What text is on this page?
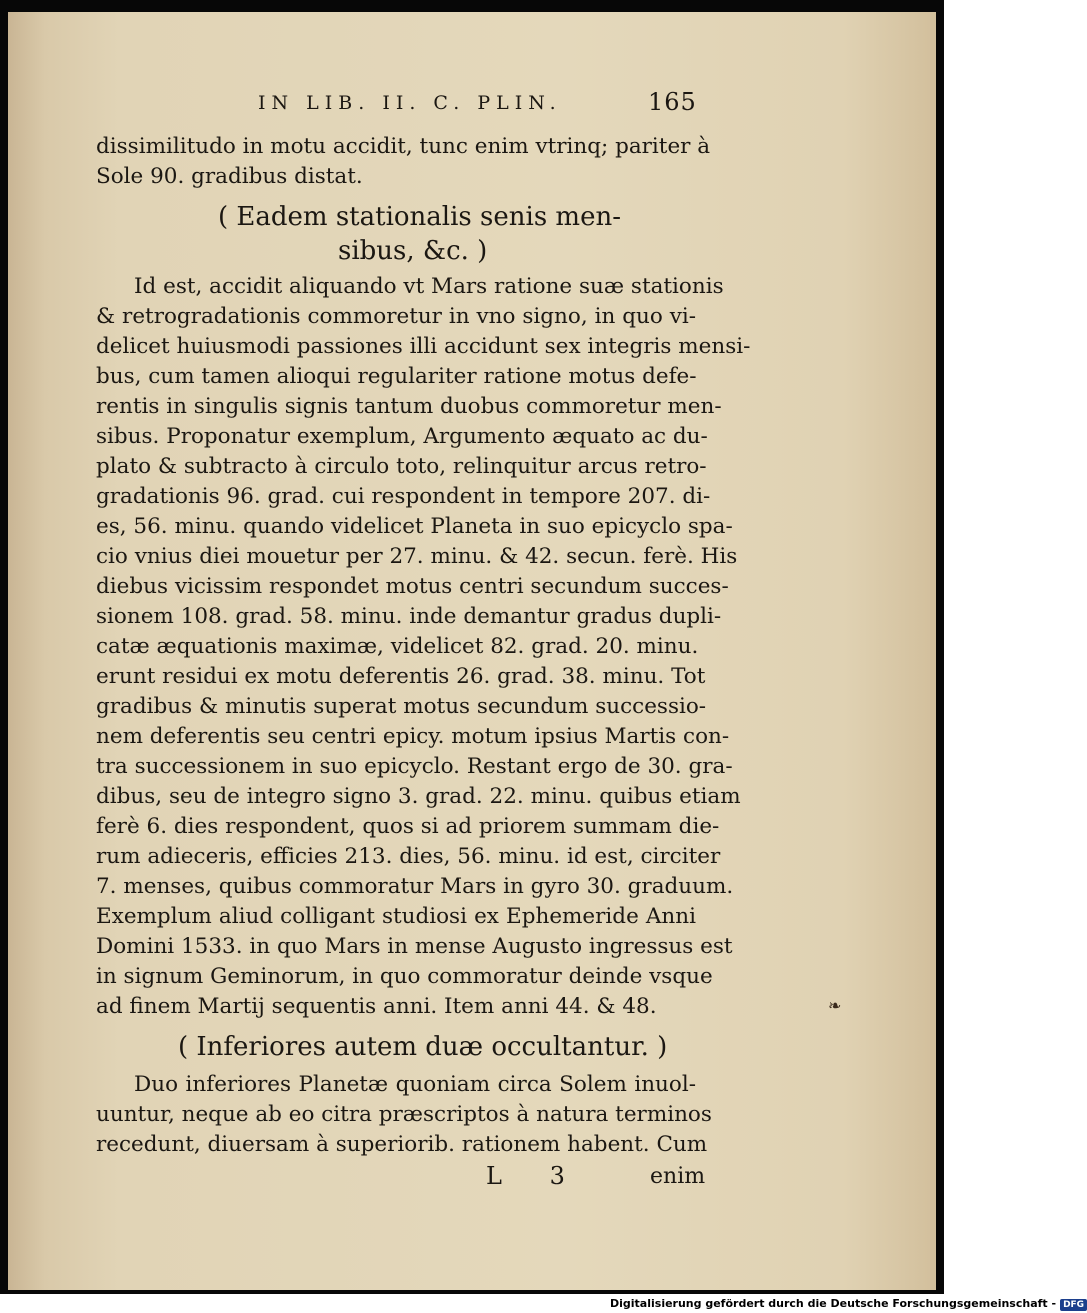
IN LIB. II. C. PLIN.	165
dissimilitudo in motu accidit, tunc enim vtrinq; pariter à
Sole 90. gradibus distat.
( Eadem stationalis senis men-
sibus, &c. )
Id est, accidit aliquando vt Mars ratione suæ stationis
& retrogradationis commoretur in vno signo, in quo vi-
delicet huiusmodi passiones illi accidunt sex integris mensi-
bus, cum tamen alioqui regulariter ratione motus defe-
rentis in singulis signis tantum duobus commoretur men-
sibus. Proponatur exemplum, Argumento æquato ac du-
plato & subtracto à circulo toto, relinquitur arcus retro-
gradationis 96. grad. cui respondent in tempore 207. di-
es, 56. minu. quando videlicet Planeta in suo epicyclo spa-
cio vnius diei mouetur per 27. minu. & 42. secun. ferè. His
diebus vicissim respondet motus centri secundum succes-
sionem 108. grad. 58. minu. inde demantur gradus dupli-
catæ æquationis maximæ, videlicet 82. grad. 20. minu.
erunt residui ex motu deferentis 26. grad. 38. minu. Tot
gradibus & minutis superat motus secundum successio-
nem deferentis seu centri epicy. motum ipsius Martis con-
tra successionem in suo epicyclo. Restant ergo de 30. gra-
dibus, seu de integro signo 3. grad. 22. minu. quibus etiam
ferè 6. dies respondent, quos si ad priorem summam die-
rum adieceris, efficies 213. dies, 56. minu. id est, circiter
7. menses, quibus commoratur Mars in gyro 30. graduum.
Exemplum aliud colligant studiosi ex Ephemeride Anni
Domini 1533. in quo Mars in mense Augusto ingressus est
in signum Geminorum, in quo commoratur deinde vsque
ad finem Martij sequentis anni. Item anni 44. & 48.
( Inferiores autem duæ occultantur. )
❧
Duo inferiores Planetæ quoniam circa Solem inuol-
uuntur, neque ab eo citra præscriptos à natura terminos
recedunt, diuersam à superiorib. rationem habent. Cum
L 3	enim
Digitalisierung gefördert durch die Deutsche Forschungsgemeinschaft - DFG
